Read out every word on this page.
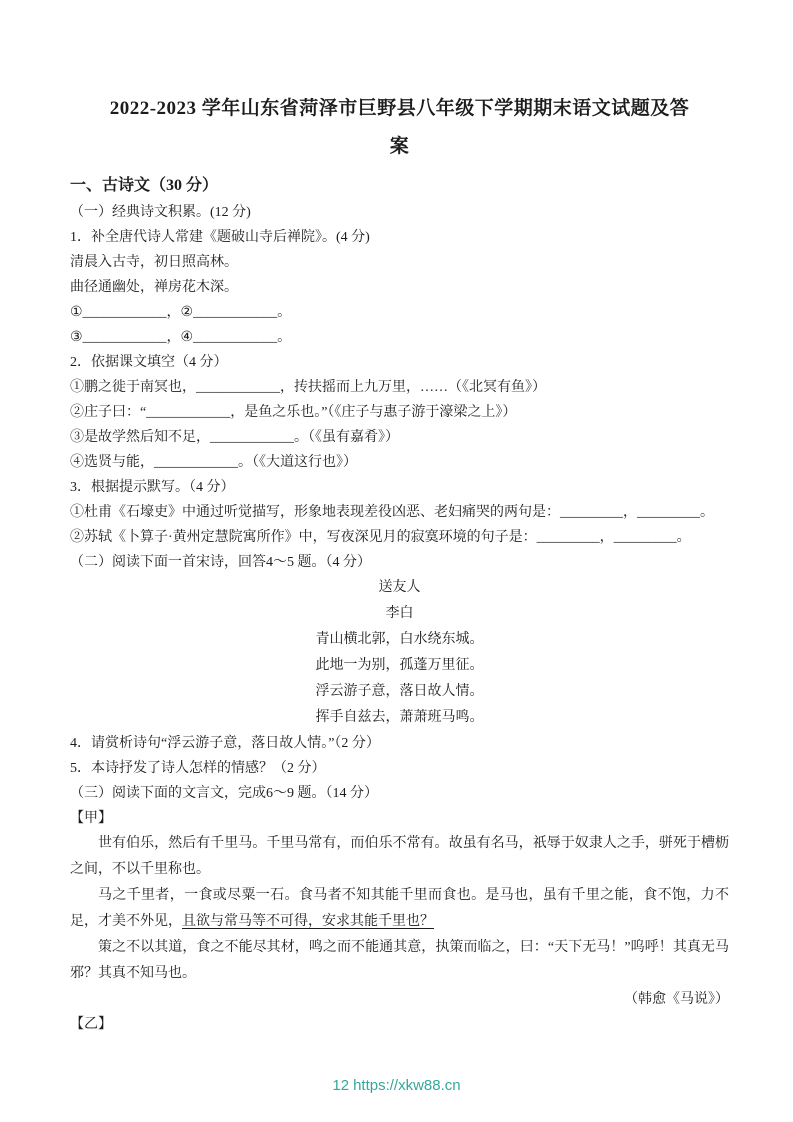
2022-2023 学年山东省菏泽市巨野县八年级下学期期末语文试题及答
案
一、古诗文（30 分）
（一）经典诗文积累。(12 分)
1．补全唐代诗人常建《题破山寺后禅院》。(4 分)
清晨入古寺，初日照高林。
曲径通幽处，禅房花木深。
①____________，②____________。
③____________，④____________。
2．依据课文填空（4 分）
①鹏之徙于南冥也，____________，抟扶摇而上九万里，……（《北冥有鱼》）
②庄子曰：“____________，是鱼之乐也。”（《庄子与惠子游于濠梁之上》）
③是故学然后知不足，____________。（《虽有嘉肴》）
④选贤与能，____________。（《大道这行也》）
3．根据提示默写。（4 分）
①杜甫《石壕吏》中通过听觉描写，形象地表现差役凶恶、老妇痛哭的两句是：_________，_________。
②苏轼《卜算子·黄州定慧院寓所作》中，写夜深见月的寂寞环境的句子是：_________，_________。
（二）阅读下面一首宋诗，回答4～5 题。（4 分）
送友人
李白
青山横北郭，白水绕东城。
此地一为别，孤蓬万里征。
浮云游子意，落日故人情。
挥手自兹去，萧萧班马鸣。
4．请赏析诗句“浮云游子意，落日故人情。”（2 分）
5．本诗抒发了诗人怎样的情感？（2 分）
（三）阅读下面的文言文，完成6～9 题。（14 分）
【甲】

世有伯乐，然后有千里马。千里马常有，而伯乐不常有。故虽有名马，祇辱于奴隶人之手，骈死于槽枥之间，不以千里称也。

马之千里者，一食或尽粟一石。食马者不知其能千里而食也。是马也，虽有千里之能，食不饱，力不足，才美不外见，且欲与常马等不可得，安求其能千里也？

策之不以其道，食之不能尽其材，鸣之而不能通其意，执策而临之，曰：“天下无马！”呜呼！其真无马邪？其真不知马也。

（韩愈《马说》）
【乙】
12 https://xkw88.cn
